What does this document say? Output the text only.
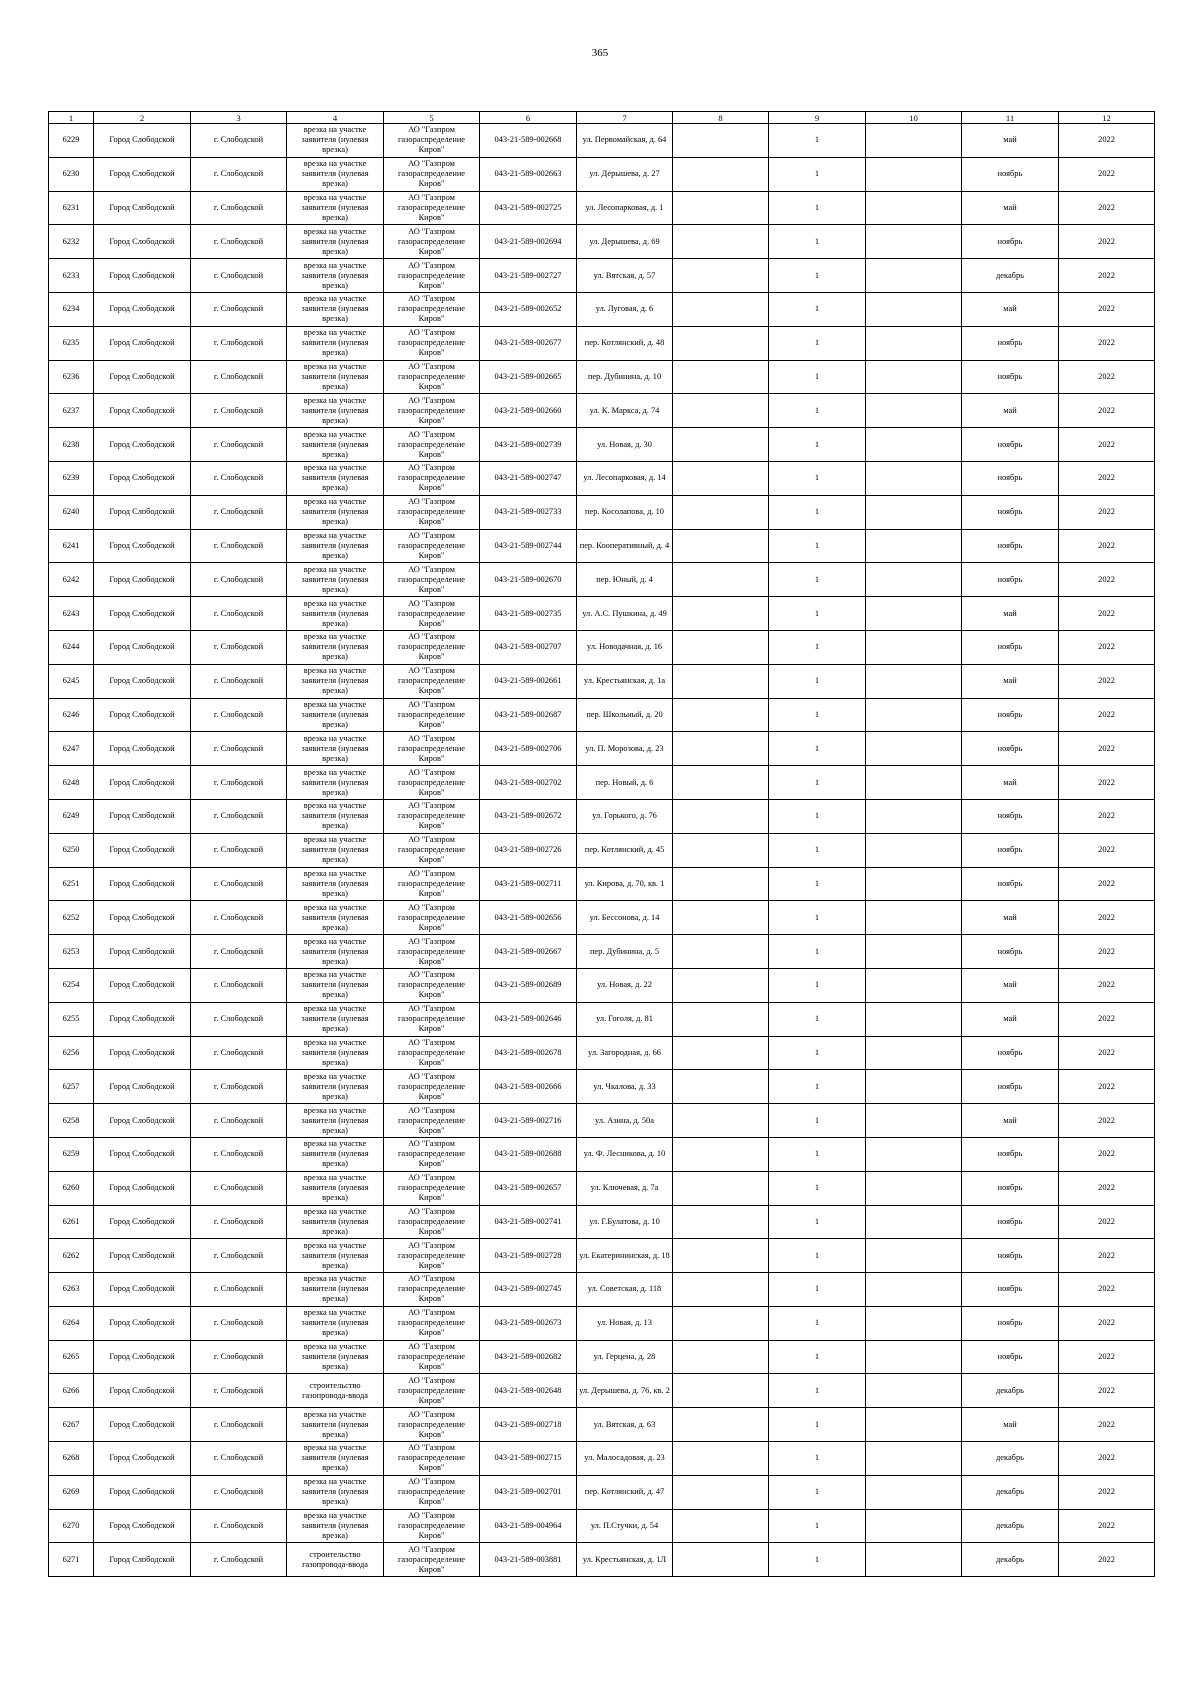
365
1	2	3	4	5	6	7	8	9	10	11	12
6229	Город Слободской	г. Слободской	врезка на участке заявителя (нулевая врезка)	АО "Газпром газораспределение Киров"	043-21-589-002668	ул. Первомайская, д. 64		1		май	2022
6230	Город Слободской	г. Слободской	врезка на участке заявителя (нулевая врезка)	АО "Газпром газораспределение Киров"	043-21-589-002663	ул. Дерышева, д. 27		1		ноябрь	2022
6231	Город Слободской	г. Слободской	врезка на участке заявителя (нулевая врезка)	АО "Газпром газораспределение Киров"	043-21-589-002725	ул. Лесопарковая, д. 1		1		май	2022
6232	Город Слободской	г. Слободской	врезка на участке заявителя (нулевая врезка)	АО "Газпром газораспределение Киров"	043-21-589-002694	ул. Дерышева, д. 69		1		ноябрь	2022
6233	Город Слободской	г. Слободской	врезка на участке заявителя (нулевая врезка)	АО "Газпром газораспределение Киров"	043-21-589-002727	ул. Вятская, д. 57		1		декабрь	2022
6234	Город Слободской	г. Слободской	врезка на участке заявителя (нулевая врезка)	АО "Газпром газораспределение Киров"	043-21-589-002652	ул. Луговая, д. 6		1		май	2022
6235	Город Слободской	г. Слободской	врезка на участке заявителя (нулевая врезка)	АО "Газпром газораспределение Киров"	043-21-589-002677	пер. Котлянский, д. 48		1		ноябрь	2022
6236	Город Слободской	г. Слободской	врезка на участке заявителя (нулевая врезка)	АО "Газпром газораспределение Киров"	043-21-589-002665	пер. Дубинина, д. 10		1		ноябрь	2022
6237	Город Слободской	г. Слободской	врезка на участке заявителя (нулевая врезка)	АО "Газпром газораспределение Киров"	043-21-589-002660	ул. К. Маркса, д. 74		1		май	2022
6238	Город Слободской	г. Слободской	врезка на участке заявителя (нулевая врезка)	АО "Газпром газораспределение Киров"	043-21-589-002739	ул. Новая, д. 30		1		ноябрь	2022
6239	Город Слободской	г. Слободской	врезка на участке заявителя (нулевая врезка)	АО "Газпром газораспределение Киров"	043-21-589-002747	ул. Лесопарковая, д. 14		1		ноябрь	2022
6240	Город Слободской	г. Слободской	врезка на участке заявителя (нулевая врезка)	АО "Газпром газораспределение Киров"	043-21-589-002733	пер. Косолапова, д. 10		1		ноябрь	2022
6241	Город Слободской	г. Слободской	врезка на участке заявителя (нулевая врезка)	АО "Газпром газораспределение Киров"	043-21-589-002744	пер. Кооперативный, д. 4		1		ноябрь	2022
6242	Город Слободской	г. Слободской	врезка на участке заявителя (нулевая врезка)	АО "Газпром газораспределение Киров"	043-21-589-002670	пер. Юный, д. 4		1		ноябрь	2022
6243	Город Слободской	г. Слободской	врезка на участке заявителя (нулевая врезка)	АО "Газпром газораспределение Киров"	043-21-589-002735	ул. А.С. Пушкина, д. 49		1		май	2022
6244	Город Слободской	г. Слободской	врезка на участке заявителя (нулевая врезка)	АО "Газпром газораспределение Киров"	043-21-589-002707	ул. Новодачная, д. 16		1		ноябрь	2022
6245	Город Слободской	г. Слободской	врезка на участке заявителя (нулевая врезка)	АО "Газпром газораспределение Киров"	043-21-589-002661	ул. Крестьянская, д. 1а		1		май	2022
6246	Город Слободской	г. Слободской	врезка на участке заявителя (нулевая врезка)	АО "Газпром газораспределение Киров"	043-21-589-002687	пер. Школьный, д. 20		1		ноябрь	2022
6247	Город Слободской	г. Слободской	врезка на участке заявителя (нулевая врезка)	АО "Газпром газораспределение Киров"	043-21-589-002706	ул. П. Морозова, д. 23		1		ноябрь	2022
6248	Город Слободской	г. Слободской	врезка на участке заявителя (нулевая врезка)	АО "Газпром газораспределение Киров"	043-21-589-002702	пер. Новый, д. 6		1		май	2022
6249	Город Слободской	г. Слободской	врезка на участке заявителя (нулевая врезка)	АО "Газпром газораспределение Киров"	043-21-589-002672	ул. Горького, д. 76		1		ноябрь	2022
6250	Город Слободской	г. Слободской	врезка на участке заявителя (нулевая врезка)	АО "Газпром газораспределение Киров"	043-21-589-002726	пер. Котлянский, д. 45		1		ноябрь	2022
6251	Город Слободской	г. Слободской	врезка на участке заявителя (нулевая врезка)	АО "Газпром газораспределение Киров"	043-21-589-002711	ул. Кирова, д. 70, кв. 1		1		ноябрь	2022
6252	Город Слободской	г. Слободской	врезка на участке заявителя (нулевая врезка)	АО "Газпром газораспределение Киров"	043-21-589-002656	ул. Бессонова, д. 14		1		май	2022
6253	Город Слободской	г. Слободской	врезка на участке заявителя (нулевая врезка)	АО "Газпром газораспределение Киров"	043-21-589-002667	пер. Дубинина, д. 5		1		ноябрь	2022
6254	Город Слободской	г. Слободской	врезка на участке заявителя (нулевая врезка)	АО "Газпром газораспределение Киров"	043-21-589-002689	ул. Новая, д. 22		1		май	2022
6255	Город Слободской	г. Слободской	врезка на участке заявителя (нулевая врезка)	АО "Газпром газораспределение Киров"	043-21-589-002646	ул. Гоголя, д. 81		1		май	2022
6256	Город Слободской	г. Слободской	врезка на участке заявителя (нулевая врезка)	АО "Газпром газораспределение Киров"	043-21-589-002678	ул. Загородная, д. 66		1		ноябрь	2022
6257	Город Слободской	г. Слободской	врезка на участке заявителя (нулевая врезка)	АО "Газпром газораспределение Киров"	043-21-589-002666	ул. Чкалова, д. 33		1		ноябрь	2022
6258	Город Слободской	г. Слободской	врезка на участке заявителя (нулевая врезка)	АО "Газпром газораспределение Киров"	043-21-589-002716	ул. Азина, д. 50а		1		май	2022
6259	Город Слободской	г. Слободской	врезка на участке заявителя (нулевая врезка)	АО "Газпром газораспределение Киров"	043-21-589-002688	ул. Ф. Лесникова, д. 10		1		ноябрь	2022
6260	Город Слободской	г. Слободской	врезка на участке заявителя (нулевая врезка)	АО "Газпром газораспределение Киров"	043-21-589-002657	ул. Ключевая, д. 7а		1		ноябрь	2022
6261	Город Слободской	г. Слободской	врезка на участке заявителя (нулевая врезка)	АО "Газпром газораспределение Киров"	043-21-589-002741	ул. Г.Булатова, д. 10		1		ноябрь	2022
6262	Город Слободской	г. Слободской	врезка на участке заявителя (нулевая врезка)	АО "Газпром газораспределение Киров"	043-21-589-002728	ул. Екатерининская, д. 18		1		ноябрь	2022
6263	Город Слободской	г. Слободской	врезка на участке заявителя (нулевая врезка)	АО "Газпром газораспределение Киров"	043-21-589-002745	ул. Советская, д. 118		1		ноябрь	2022
6264	Город Слободской	г. Слободской	врезка на участке заявителя (нулевая врезка)	АО "Газпром газораспределение Киров"	043-21-589-002673	ул. Новая, д. 13		1		ноябрь	2022
6265	Город Слободской	г. Слободской	врезка на участке заявителя (нулевая врезка)	АО "Газпром газораспределение Киров"	043-21-589-002682	ул. Герцена, д. 28		1		ноябрь	2022
6266	Город Слободской	г. Слободской	строительство газопровода-ввода	АО "Газпром газораспределение Киров"	043-21-589-002648	ул. Дерышева, д. 76, кв. 2		1		декабрь	2022
6267	Город Слободской	г. Слободской	врезка на участке заявителя (нулевая врезка)	АО "Газпром газораспределение Киров"	043-21-589-002718	ул. Вятская, д. 63		1		май	2022
6268	Город Слободской	г. Слободской	врезка на участке заявителя (нулевая врезка)	АО "Газпром газораспределение Киров"	043-21-589-002715	ул. Малосадовая, д. 23		1		декабрь	2022
6269	Город Слободской	г. Слободской	врезка на участке заявителя (нулевая врезка)	АО "Газпром газораспределение Киров"	043-21-589-002701	пер. Котлянский, д. 47		1		декабрь	2022
6270	Город Слободской	г. Слободской	врезка на участке заявителя (нулевая врезка)	АО "Газпром газораспределение Киров"	043-21-589-004964	ул. П.Стучки, д. 54		1		декабрь	2022
6271	Город Слободской	г. Слободской	строительство газопровода-ввода	АО "Газпром газораспределение Киров"	043-21-589-003881	ул. Крестьянская, д. 1Л		1		декабрь	2022
